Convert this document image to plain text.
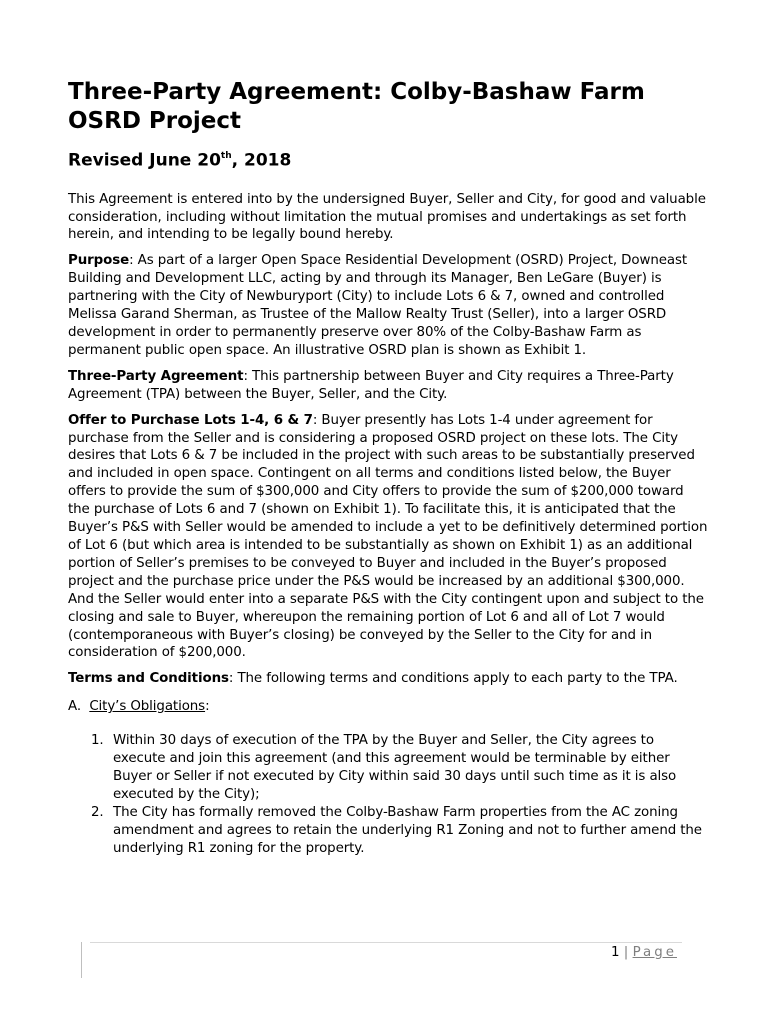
Three-Party Agreement: Colby-Bashaw Farm
OSRD Project
Revised June 20th, 2018

This Agreement is entered into by the undersigned Buyer, Seller and City, for good and valuable consideration, including without limitation the mutual promises and undertakings as set forth herein, and intending to be legally bound hereby.

Purpose: As part of a larger Open Space Residential Development (OSRD) Project, Downeast Building and Development LLC, acting by and through its Manager, Ben LeGare (Buyer) is partnering with the City of Newburyport (City) to include Lots 6 & 7, owned and controlled Melissa Garand Sherman, as Trustee of the Mallow Realty Trust (Seller), into a larger OSRD development in order to permanently preserve over 80% of the Colby-Bashaw Farm as permanent public open space. An illustrative OSRD plan is shown as Exhibit 1.

Three-Party Agreement: This partnership between Buyer and City requires a Three-Party Agreement (TPA) between the Buyer, Seller, and the City.

Offer to Purchase Lots 1-4, 6 & 7: Buyer presently has Lots 1-4 under agreement for purchase from the Seller and is considering a proposed OSRD project on these lots. The City desires that Lots 6 & 7 be included in the project with such areas to be substantially preserved and included in open space. Contingent on all terms and conditions listed below, the Buyer offers to provide the sum of $300,000 and City offers to provide the sum of $200,000 toward the purchase of Lots 6 and 7 (shown on Exhibit 1). To facilitate this, it is anticipated that the Buyer’s P&S with Seller would be amended to include a yet to be definitively determined portion of Lot 6 (but which area is intended to be substantially as shown on Exhibit 1) as an additional portion of Seller’s premises to be conveyed to Buyer and included in the Buyer’s proposed project and the purchase price under the P&S would be increased by an additional $300,000. And the Seller would enter into a separate P&S with the City contingent upon and subject to the closing and sale to Buyer, whereupon the remaining portion of Lot 6 and all of Lot 7 would (contemporaneous with Buyer’s closing) be conveyed by the Seller to the City for and in consideration of $200,000.

Terms and Conditions: The following terms and conditions apply to each party to the TPA.

A. City’s Obligations:

1. Within 30 days of execution of the TPA by the Buyer and Seller, the City agrees to execute and join this agreement (and this agreement would be terminable by either Buyer or Seller if not executed by City within said 30 days until such time as it is also executed by the City);
2. The City has formally removed the Colby-Bashaw Farm properties from the AC zoning amendment and agrees to retain the underlying R1 Zoning and not to further amend the underlying R1 zoning for the property.
1 | Page
